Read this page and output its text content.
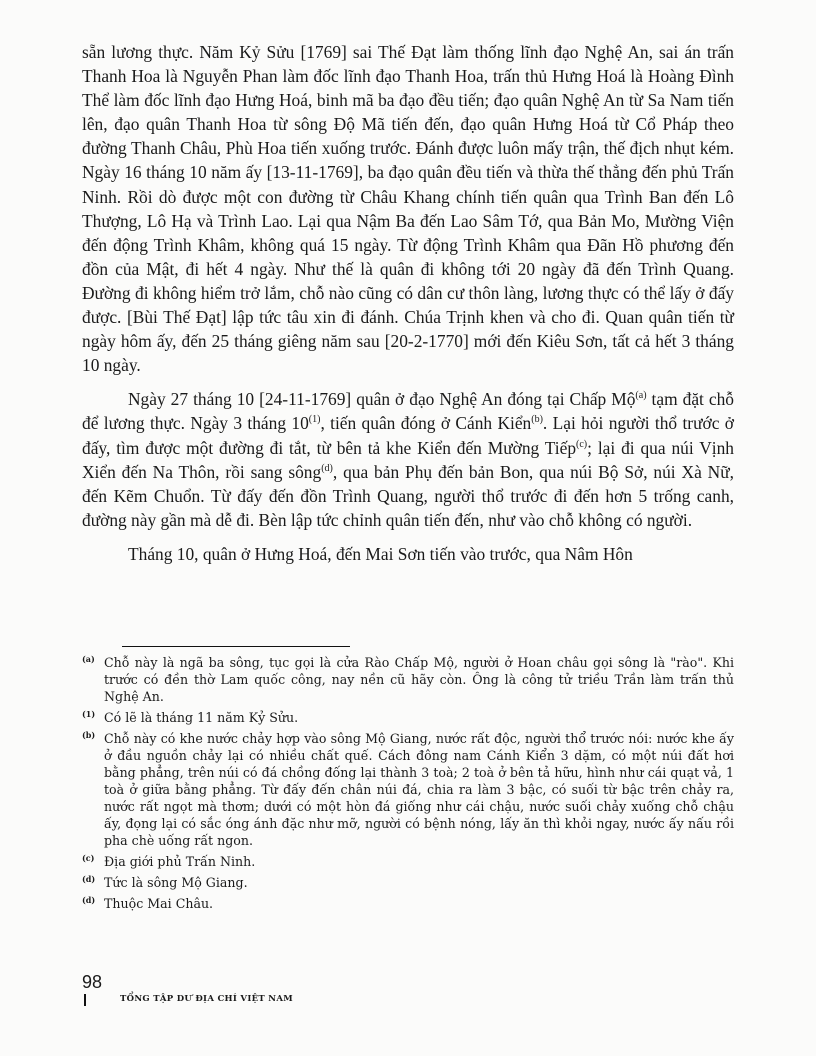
sẵn lương thực. Năm Kỷ Sửu [1769] sai Thế Đạt làm thống lĩnh đạo Nghệ An, sai án trấn Thanh Hoa là Nguyễn Phan làm đốc lĩnh đạo Thanh Hoa, trấn thủ Hưng Hoá là Hoàng Đình Thể làm đốc lĩnh đạo Hưng Hoá, binh mã ba đạo đều tiến; đạo quân Nghệ An từ Sa Nam tiến lên, đạo quân Thanh Hoa từ sông Độ Mã tiến đến, đạo quân Hưng Hoá từ Cổ Pháp theo đường Thanh Châu, Phù Hoa tiến xuống trước. Đánh được luôn mấy trận, thế địch nhụt kém. Ngày 16 tháng 10 năm ấy [13-11-1769], ba đạo quân đều tiến và thừa thế thẳng đến phủ Trấn Ninh. Rồi dò được một con đường từ Châu Khang chính tiến quân qua Trình Ban đến Lô Thượng, Lô Hạ và Trình Lao. Lại qua Nậm Ba đến Lao Sâm Tớ, qua Bản Mo, Mường Viện đến động Trình Khâm, không quá 15 ngày. Từ động Trình Khâm qua Đãn Hồ phương đến đồn của Mật, đi hết 4 ngày. Như thế là quân đi không tới 20 ngày đã đến Trình Quang. Đường đi không hiểm trở lắm, chỗ nào cũng có dân cư thôn làng, lương thực có thể lấy ở đấy được. [Bùi Thế Đạt] lập tức tâu xin đi đánh. Chúa Trịnh khen và cho đi. Quan quân tiến từ ngày hôm ấy, đến 25 tháng giêng năm sau [20-2-1770] mới đến Kiêu Sơn, tất cả hết 3 tháng 10 ngày.

Ngày 27 tháng 10 [24-11-1769] quân ở đạo Nghệ An đóng tại Chấp Mộ$^{(a)}$ tạm đặt chỗ để lương thực. Ngày 3 tháng 10$^{(1)}$, tiến quân đóng ở Cánh Kiển$^{(b)}$. Lại hỏi người thổ trước ở đấy, tìm được một đường đi tắt, từ bên tả khe Kiển đến Mường Tiếp$^{(c)}$; lại đi qua núi Vịnh Xiển đến Na Thôn, rồi sang sông$^{(d)}$, qua bản Phụ đến bản Bon, qua núi Bộ Sở, núi Xà Nữ, đến Kẽm Chuổn. Từ đấy đến đồn Trình Quang, người thổ trước đi đến hơn 5 trống canh, đường này gần mà dễ đi. Bèn lập tức chỉnh quân tiến đến, như vào chỗ không có người.

Tháng 10, quân ở Hưng Hoá, đến Mai Sơn tiến vào trước, qua Nâm Hôn

(a) Chỗ này là ngã ba sông, tục gọi là cửa Rào Chấp Mộ, người ở Hoan châu gọi sông là "rào". Khi trước có đền thờ Lam quốc công, nay nền cũ hãy còn. Ông là công tử triều Trần làm trấn thủ Nghệ An.
(1) Có lẽ là tháng 11 năm Kỷ Sửu.
(b) Chỗ này có khe nước chảy hợp vào sông Mộ Giang, nước rất độc, người thổ trước nói: nước khe ấy ở đầu nguồn chảy lại có nhiều chất quế. Cách đông nam Cánh Kiển 3 dặm, có một núi đất hơi bằng phẳng, trên núi có đá chồng đống lại thành 3 toà; 2 toà ở bên tả hữu, hình như cái quạt vả, 1 toà ở giữa bằng phẳng. Từ đấy đến chân núi đá, chia ra làm 3 bậc, có suối từ bậc trên chảy ra, nước rất ngọt mà thơm; dưới có một hòn đá giống như cái chậu, nước suối chảy xuống chỗ chậu ấy, đọng lại có sắc óng ánh đặc như mỡ, người có bệnh nóng, lấy ăn thì khỏi ngay, nước ấy nấu rồi pha chè uống rất ngon.
(c) Địa giới phủ Trấn Ninh.
(d) Tức là sông Mộ Giang.
(d) Thuộc Mai Châu.
98
TỔNG TẬP DƯ ĐỊA CHÍ VIỆT NAM
